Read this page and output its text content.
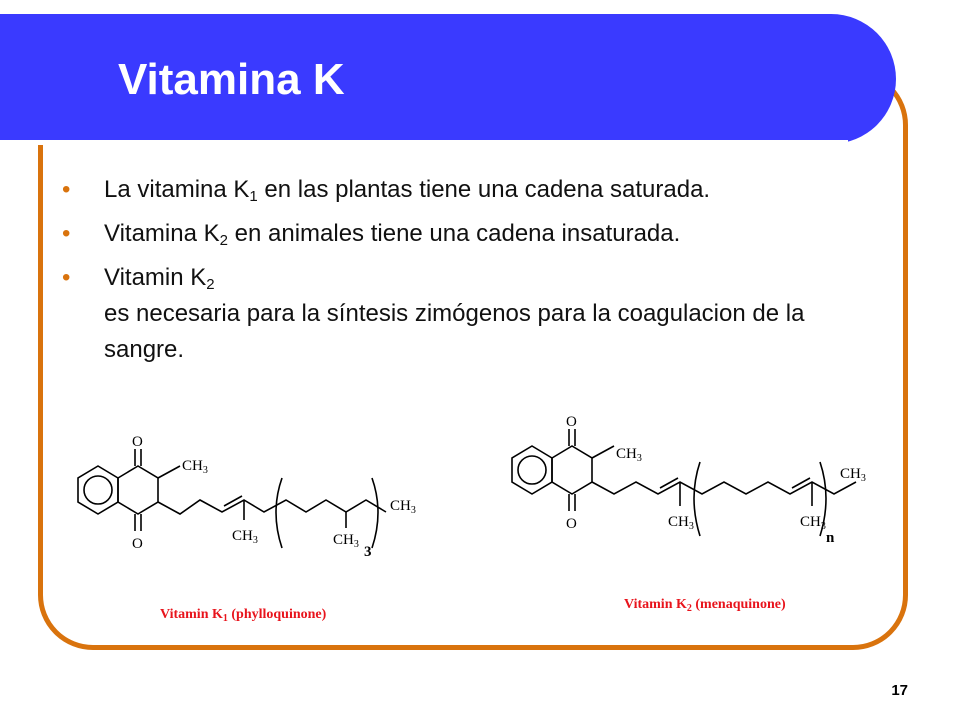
Vitamina K
• La vitamina $K_1$ en las plantas tiene una cadena saturada.
• Vitamina $K_2$ en animales tiene una cadena insaturada.
• Vitamin $K_2es$ necesaria para la síntesis zimógenos para la coagulacion de la sangre.
O
O
$CH_3$
$CH_3$	$CH_3$
$CH_3$
3
Vitamin $K_1$ (phylloquinone)
O
O
$CH_3$
$CH_3$	$CH_3$
$CH_3$
n
Vitamin $K_2$ (menaquinone)
17
